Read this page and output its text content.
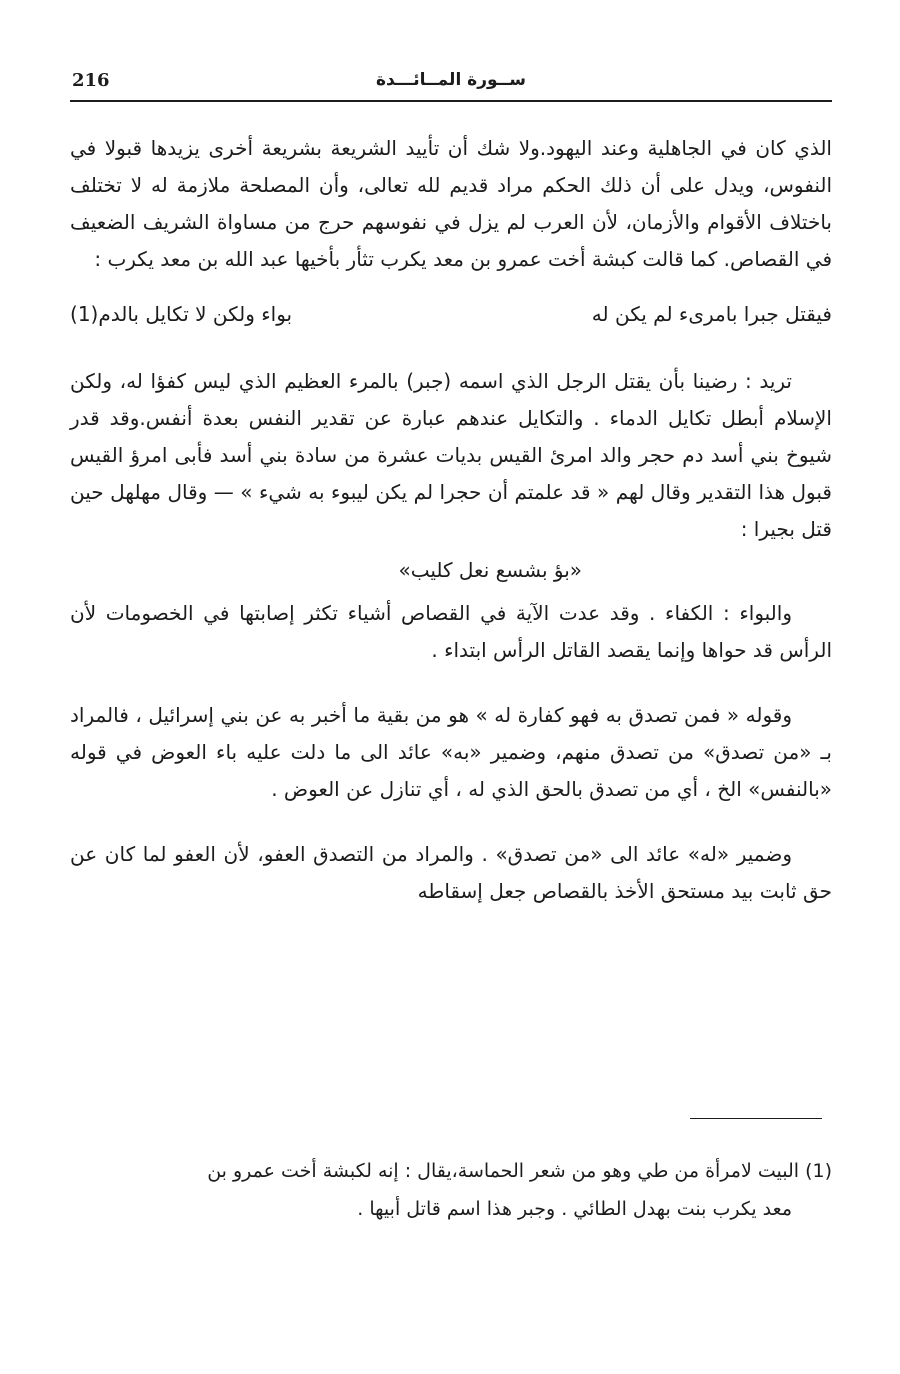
216	ســورة المــائـــدة

الذي كان في الجاهلية وعند اليهود.ولا شك أن تأييد الشريعة بشريعة أخرى يزيدها قبولا في النفوس، ويدل على أن ذلك الحكم مراد قديم لله تعالى، وأن المصلحة ملازمة له لا تختلف باختلاف الأقوام والأزمان، لأن العرب لم يزل في نفوسهم حرج من مساواة الشريف الضعيف في القصاص. كما قالت كبشة أخت عمرو بن معد يكرب تثأر بأخيها عبد الله بن معد يكرب :

فيقتل جبرا بامرىء لم يكن له
بواء ولكن لا تكايل بالدم(1)

تريد : رضينا بأن يقتل الرجل الذي اسمه (جبر) بالمرء العظيم الذي ليس كفؤا له، ولكن الإسلام أبطل تكايل الدماء . والتكايل عندهم عبارة عن تقدير النفس بعدة أنفس.وقد قدر شيوخ بني أسد دم حجر والد امرئ القيس بديات عشرة من سادة بني أسد فأبى امرؤ القيس قبول هذا التقدير وقال لهم « قد علمتم أن حجرا لم يكن ليبوء به شيء » — وقال مهلهل حين قتل بجيرا :

«بؤ بشسع نعل كليب»

والبواء : الكفاء . وقد عدت الآية في القصاص أشياء تكثر إصابتها في الخصومات لأن الرأس قد حواها وإنما يقصد القاتل الرأس ابتداء .

وقوله « فمن تصدق به فهو كفارة له » هو من بقية ما أخبر به عن بني إسرائيل ، فالمراد بـ «من تصدق» من تصدق منهم، وضمير «به» عائد الى ما دلت عليه باء العوض في قوله «بالنفس» الخ ، أي من تصدق بالحق الذي له ، أي تنازل عن العوض .

وضمير «له» عائد الى «من تصدق» . والمراد من التصدق العفو، لأن العفو لما كان عن حق ثابت بيد مستحق الأخذ بالقصاص جعل إسقاطه

(1) البيت لامرأة من طي وهو من شعر الحماسة،يقال : إنه لكبشة أخت عمرو بن
معد يكرب بنت بهدل الطائي . وجبر هذا اسم قاتل أبيها .
